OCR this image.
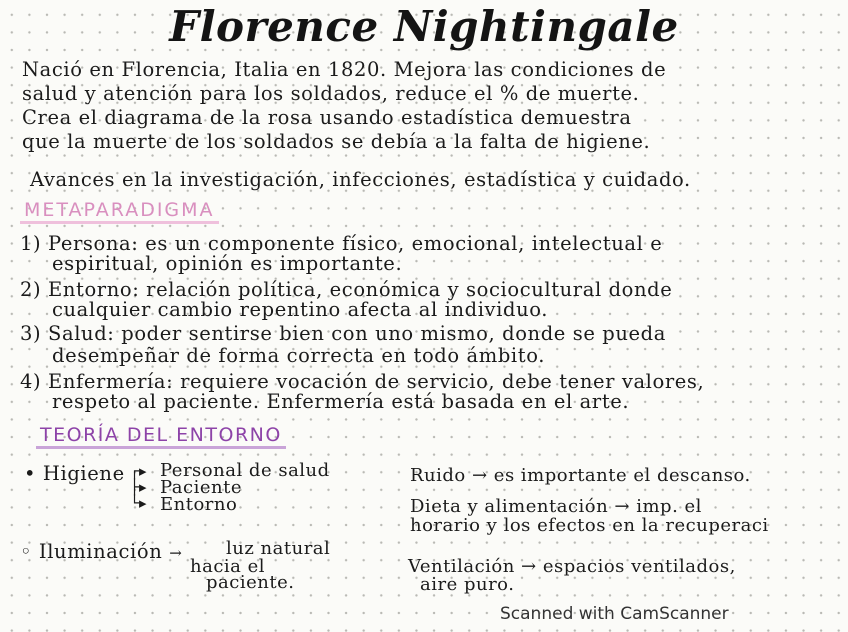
Florence Nightingale
Nació en Florencia, Italia en 1820. Mejora las condiciones de
salud y atención para los soldados, reduce el % de muerte.
Crea el diagrama de la rosa usando estadística demuestra
que la muerte de los soldados se debía a la falta de higiene.
Avances en la investigación, infecciones, estadística y cuidado.
METAPARADIGMA
1) Persona: es un componente físico, emocional, intelectual e
espiritual, opinión es importante.
2) Entorno: relación política, económica y sociocultural donde
cualquier cambio repentino afecta al individuo.
3) Salud: poder sentirse bien con uno mismo, donde se pueda
desempeñar de forma correcta en todo ámbito.
4) Enfermería: requiere vocación de servicio, debe tener valores,
respeto al paciente. Enfermería está basada en el arte.
TEORÍA DEL ENTORNO
• Higiene ┌▸
├▸
└▸
Personal de salud
Paciente
Entorno
◦ Iluminación → luz natural
hacia el
paciente.
Ruido → es importante el descanso.
Dieta y alimentación → imp. el
horario y los efectos en la recuperaci
Ventilación → espacios ventilados,
aire puro.
Scanned with CamScanner
